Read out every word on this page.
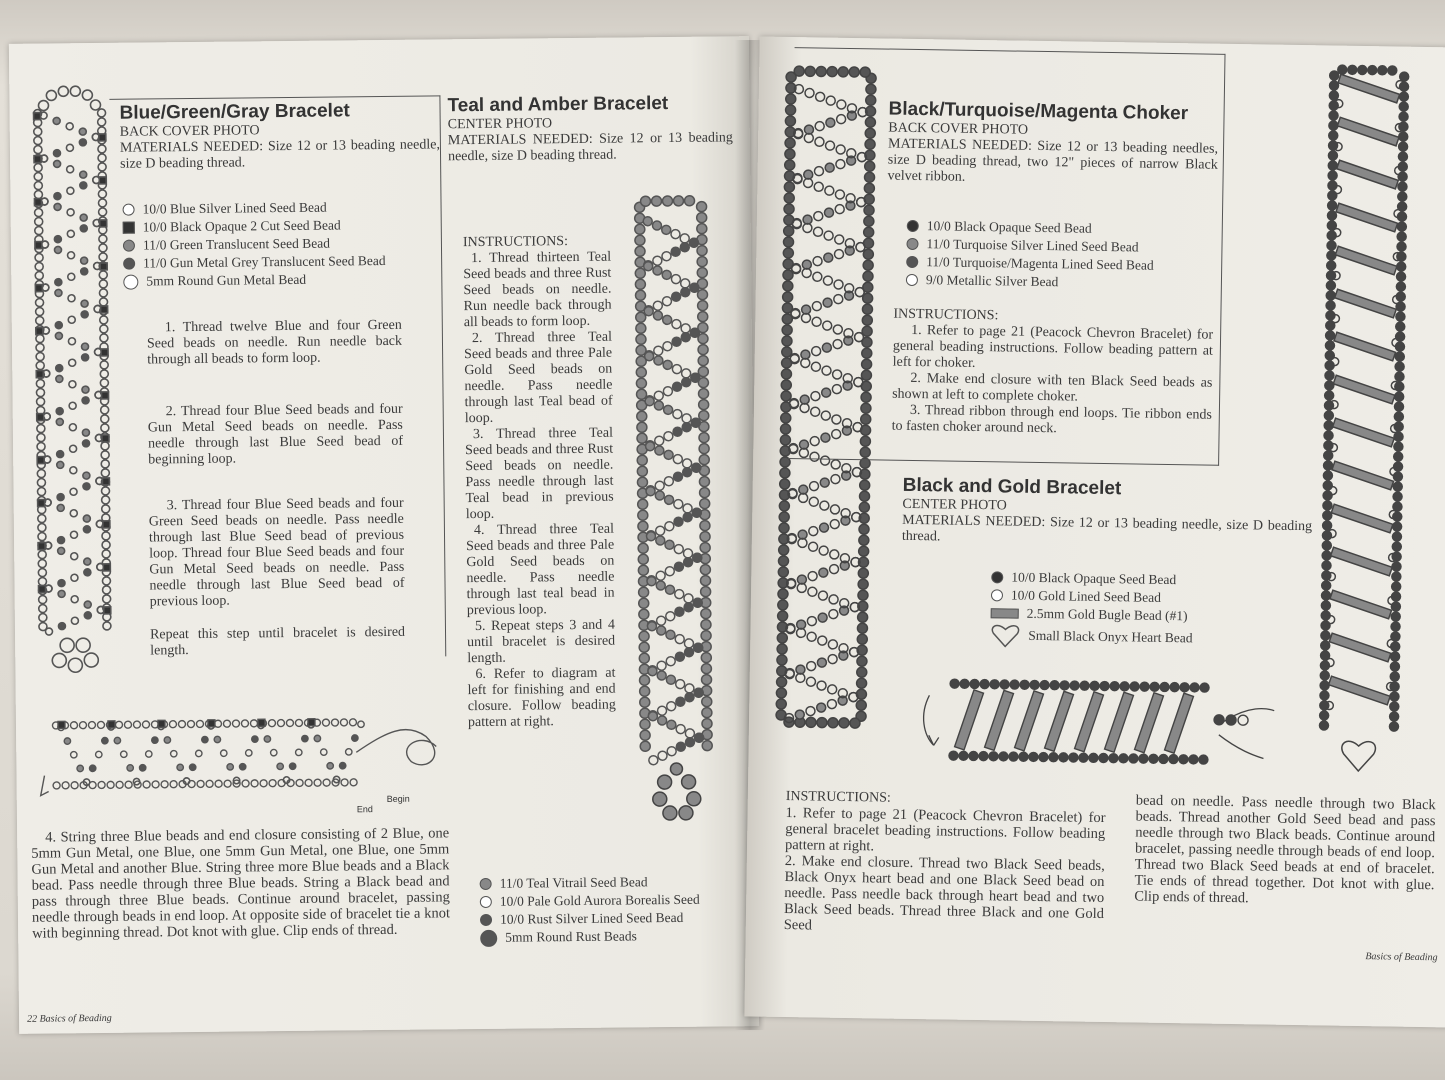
Blue/Green/Gray Bracelet

BACK COVER PHOTO

MATERIALS NEEDED: Size 12 or 13 beading needle, size D beading thread.

10/0 Blue Silver Lined Seed Bead
10/0 Black Opaque 2 Cut Seed Bead
11/0 Green Translucent Seed Bead
11/0 Gun Metal Grey Translucent Seed Bead
5mm Round Gun Metal Bead

1. Thread twelve Blue and four Green Seed beads on needle. Run needle back through all beads to form loop.

2. Thread four Blue Seed beads and four Gun Metal Seed beads on needle. Pass needle through last Blue Seed bead of beginning loop.

3. Thread four Blue Seed beads and four Green Seed beads on needle. Pass needle through last Blue Seed bead of previous loop. Thread four Blue Seed beads and four Gun Metal Seed beads on needle. Pass needle through last Blue Seed bead of previous loop.

Repeat this step until bracelet is desired length.

End
Begin

4. String three Blue beads and end closure consisting of 2 Blue, one 5mm Gun Metal, one Blue, one 5mm Gun Metal, one Blue, one 5mm Gun Metal and another Blue. String three more Blue beads and a Black bead. Pass needle through three Blue beads. String a Black bead and pass through three Blue beads. Continue around bracelet, passing needle through beads in end loop. At opposite side of bracelet tie a knot with beginning thread. Dot knot with glue. Clip ends of thread.

22 Basics of Beading

Teal and Amber Bracelet

CENTER PHOTO

MATERIALS NEEDED: Size 12 or 13 beading needle, size D beading thread.

INSTRUCTIONS:

1. Thread thirteen Teal Seed beads and three Rust Seed beads on needle. Run needle back through all beads to form loop.

2. Thread three Teal Seed beads and three Pale Gold Seed beads on needle. Pass needle through last Teal bead of loop.

3. Thread three Teal Seed beads and three Rust Seed beads on needle. Pass needle through last Teal bead in previous loop.

4. Thread three Teal Seed beads and three Pale Gold Seed beads on needle. Pass needle through last teal bead in previous loop.

5. Repeat steps 3 and 4 until bracelet is desired length.

6. Refer to diagram at left for finishing and end closure. Follow beading pattern at right.

11/0 Teal Vitrail Seed Bead
10/0 Pale Gold Aurora Borealis Seed
10/0 Rust Silver Lined Seed Bead
5mm Round Rust Beads
Black/Turquoise/Magenta Choker

BACK COVER PHOTO

MATERIALS NEEDED: Size 12 or 13 beading needles, size D beading thread, two 12" pieces of narrow Black velvet ribbon.

10/0 Black Opaque Seed Bead
11/0 Turquoise Silver Lined Seed Bead
11/0 Turquoise/Magenta Lined Seed Bead
9/0 Metallic Silver Bead

INSTRUCTIONS:

1. Refer to page 21 (Peacock Chevron Bracelet) for general beading instructions. Follow beading pattern at left for choker.

2. Make end closure with ten Black Seed beads as shown at left to complete choker.

3. Thread ribbon through end loops. Tie ribbon ends to fasten choker around neck.

Black and Gold Bracelet

CENTER PHOTO

MATERIALS NEEDED: Size 12 or 13 beading needle, size D beading thread.

10/0 Black Opaque Seed Bead
10/0 Gold Lined Seed Bead
2.5mm Gold Bugle Bead (#1)
Small Black Onyx Heart Bead

INSTRUCTIONS:

1. Refer to page 21 (Peacock Chevron Bracelet) for general bracelet beading instructions. Follow beading pattern at right.
2. Make end closure. Thread two Black Seed beads, Black Onyx heart bead and one Black Seed bead on needle. Pass needle back through heart bead and two Black Seed beads. Thread three Black and one Gold Seed

bead on needle. Pass needle through two Black beads. Thread another Gold Seed bead and pass needle through two Black beads. Continue around bracelet, passing needle through beads of end loop. Thread two Black Seed beads at end of bracelet. Tie ends of thread together. Dot knot with glue. Clip ends of thread.

Basics of Beading
